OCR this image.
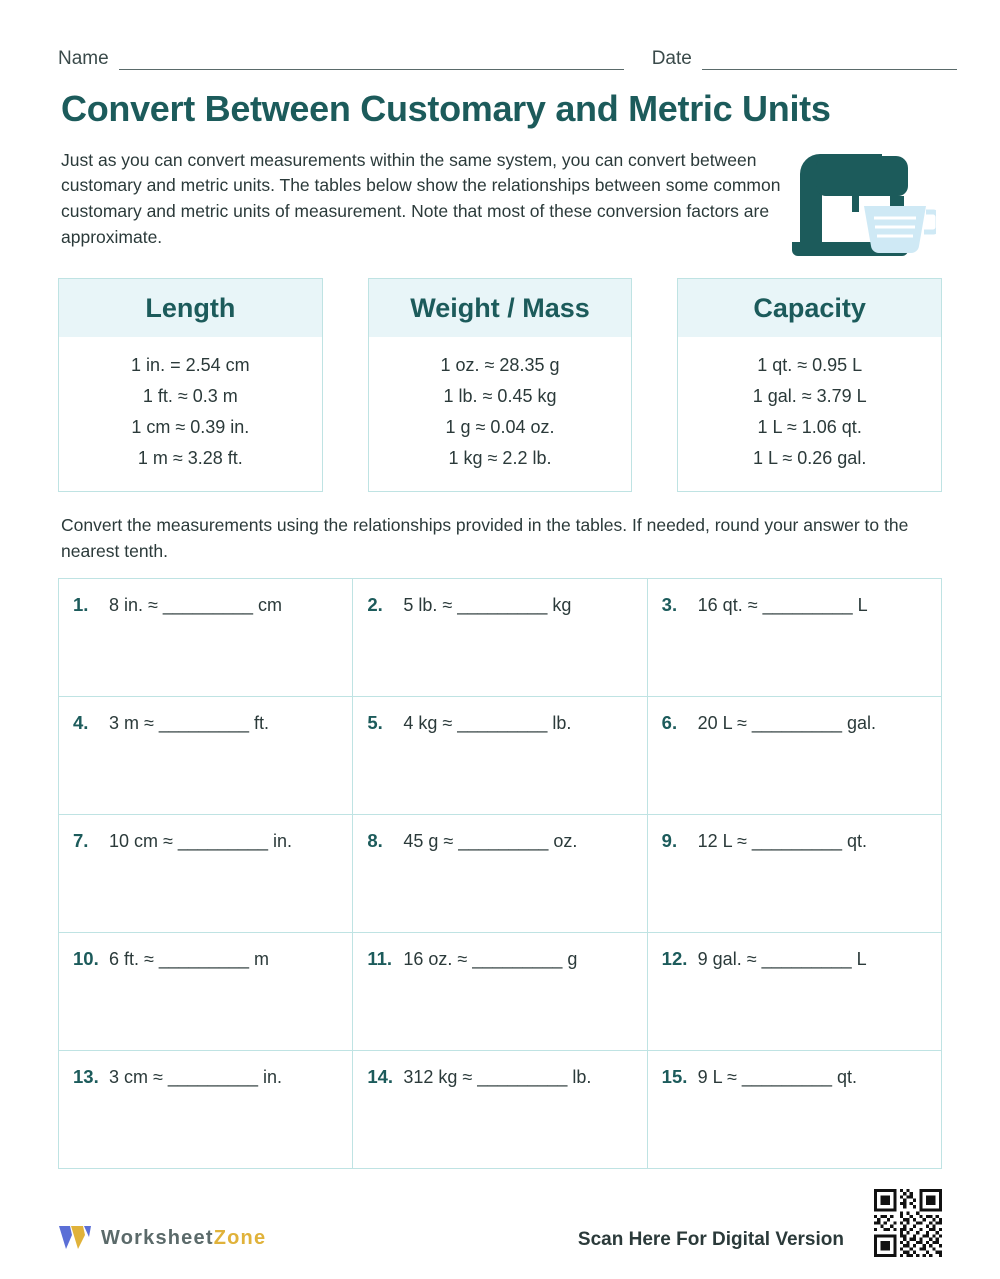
Name	Date
Convert Between Customary and Metric Units

Just as you can convert measurements within the same system, you can convert between customary and metric units. The tables below show the relationships between some common customary and metric units of measurement. Note that most of these conversion factors are approximate.

Length
1 in. = 2.54 cm
1 ft. ≈ 0.3 m
1 cm ≈ 0.39 in.
1 m ≈ 3.28 ft.
Weight / Mass
1 oz. ≈ 28.35 g
1 lb. ≈ 0.45 kg
1 g ≈ 0.04 oz.
1 kg ≈ 2.2 lb.
Capacity
1 qt. ≈ 0.95 L
1 gal. ≈ 3.79 L
1 L ≈ 1.06 qt.
1 L ≈ 0.26 gal.

Convert the measurements using the relationships provided in the tables. If needed, round your answer to the nearest tenth.

1.	8 in. ≈ _________ cm	2.	5 lb. ≈ _________ kg	3.	16 qt. ≈ _________ L
4.	3 m ≈ _________ ft.	5.	4 kg ≈ _________ lb.	6.	20 L ≈ _________ gal.
7.	10 cm ≈ _________ in.	8.	45 g ≈ _________ oz.	9.	12 L ≈ _________ qt.
10. 6 ft. ≈ _________ m	11. 16 oz. ≈ _________ g	12. 9 gal. ≈ _________ L
13. 3 cm ≈ _________ in.	14. 312 kg ≈ _________ lb.	15. 9 L ≈ _________ qt.
WorksheetZone	Scan Here For Digital Version
